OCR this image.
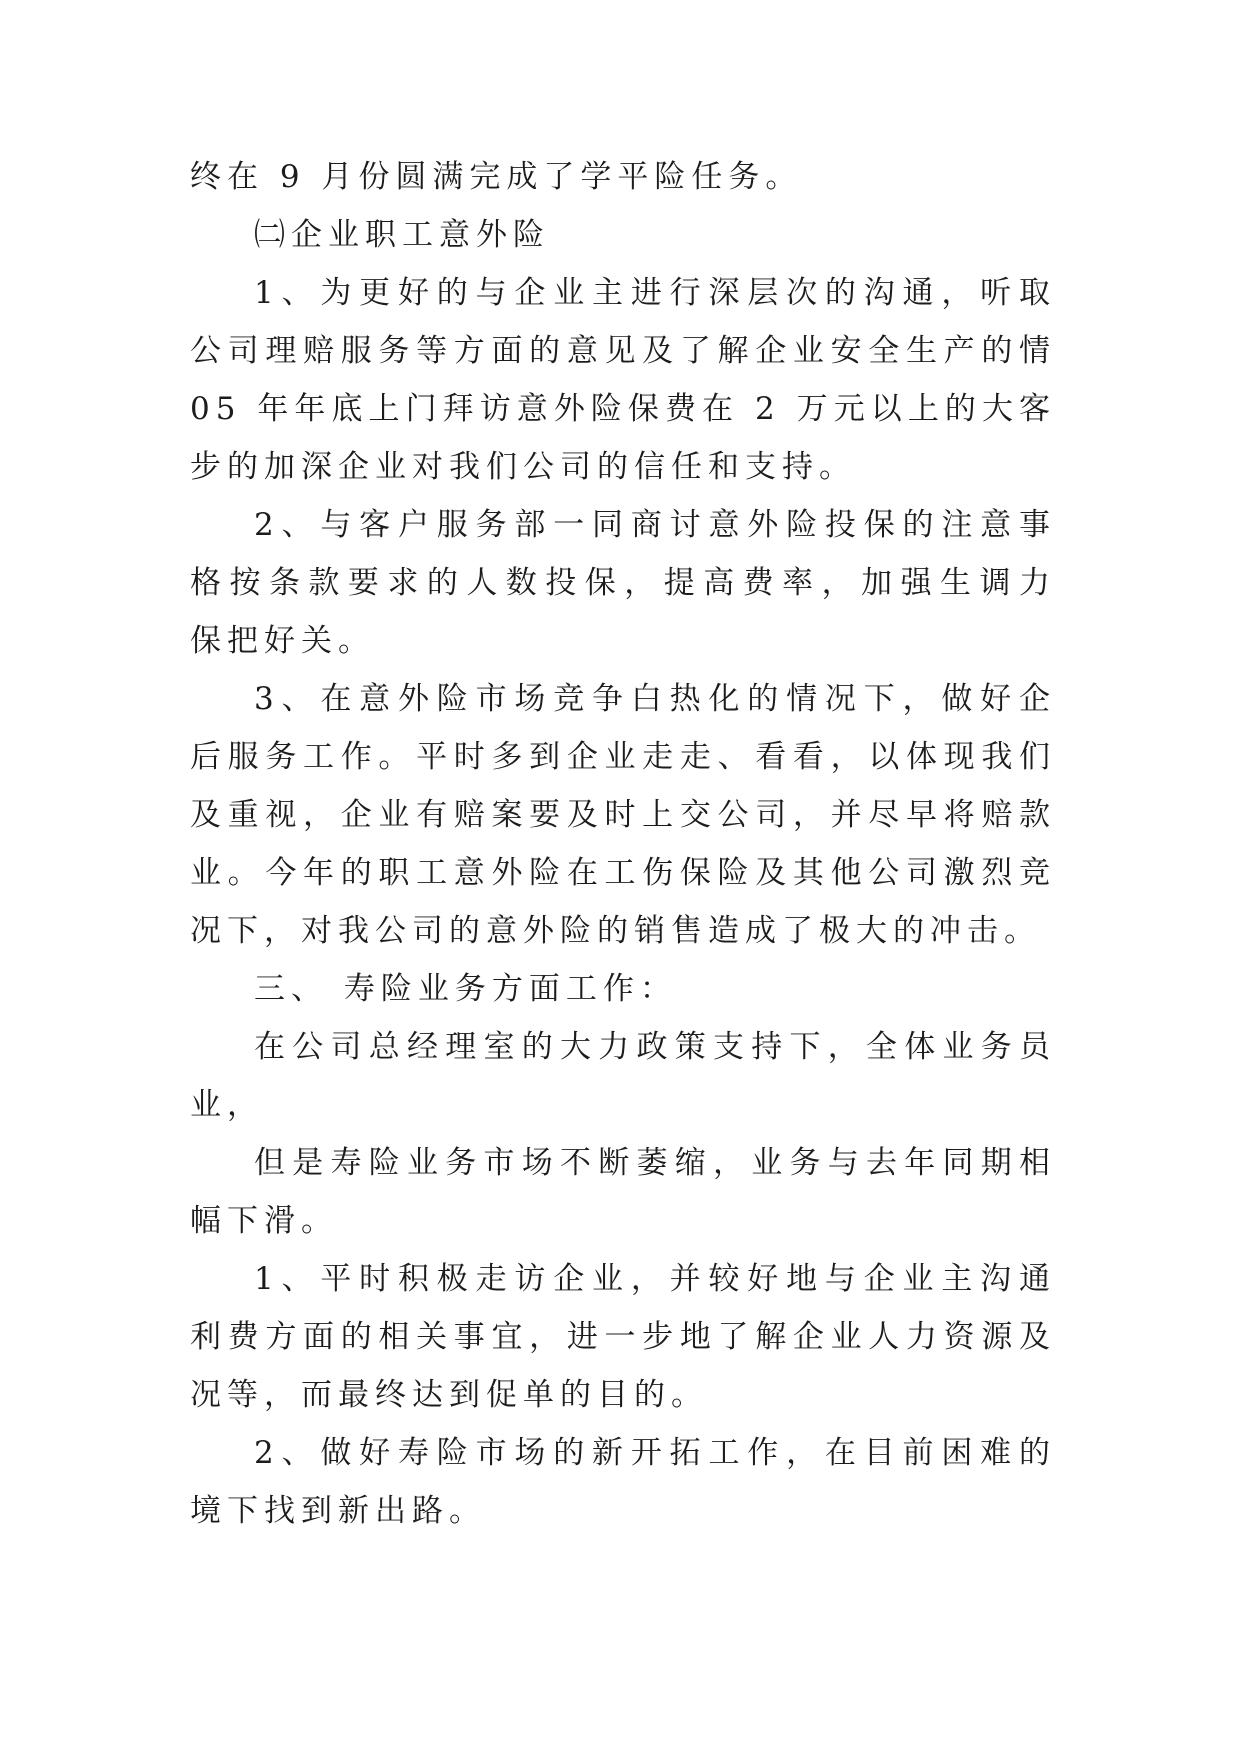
终在 9 月份圆满完成了学平险任务。
㈡企业职工意外险
1、为更好的与企业主进行深层次的沟通，听取
公司理赔服务等方面的意见及了解企业安全生产的情
05 年年底上门拜访意外险保费在 2 万元以上的大客
步的加深企业对我们公司的信任和支持。
2、与客户服务部一同商讨意外险投保的注意事
格按条款要求的人数投保，提高费率，加强生调力
保把好关。
3、在意外险市场竞争白热化的情况下，做好企
后服务工作。平时多到企业走走、看看，以体现我们
及重视，企业有赔案要及时上交公司，并尽早将赔款
业。今年的职工意外险在工伤保险及其他公司激烈竞
况下，对我公司的意外险的销售造成了极大的冲击。
三、 寿险业务方面工作：
在公司总经理室的大力政策支持下，全体业务员
业，
但是寿险业务市场不断萎缩，业务与去年同期相
幅下滑。
1、平时积极走访企业，并较好地与企业主沟通
利费方面的相关事宜，进一步地了解企业人力资源及
况等，而最终达到促单的目的。
2、做好寿险市场的新开拓工作，在目前困难的
境下找到新出路。
